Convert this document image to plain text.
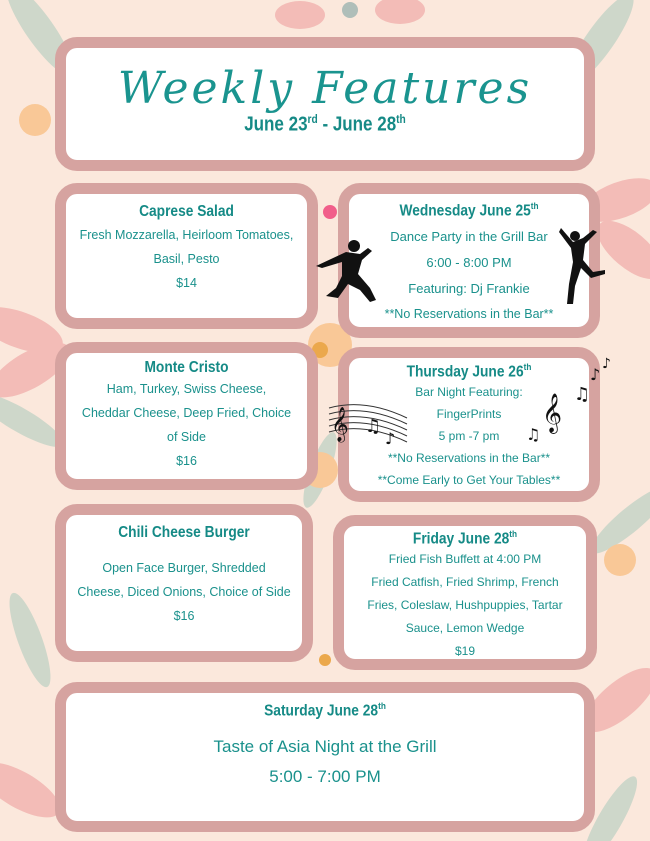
Weekly Features
June 23rd - June 28th
Caprese Salad
Fresh Mozzarella, Heirloom Tomatoes,
Basil, Pesto
$14
Wednesday June 25th
Dance Party in the Grill Bar
6:00 - 8:00 PM
Featuring: Dj Frankie
**No Reservations in the Bar**
Monte Cristo
Ham, Turkey, Swiss Cheese,
Cheddar Cheese, Deep Fried, Choice
of Side
$16
Thursday June 26th
Bar Night Featuring:
FingerPrints
5 pm -7 pm
**No Reservations in the Bar**
**Come Early to Get Your Tables**
Chili Cheese Burger
Open Face Burger, Shredded
Cheese, Diced Onions, Choice of Side
$16
Friday June 28th
Fried Fish Buffett at 4:00 PM
Fried Catfish, Fried Shrimp, French
Fries, Coleslaw, Hushpuppies, Tartar
Sauce, Lemon Wedge
$19
Saturday June 28th
Taste of Asia Night at the Grill
5:00 - 7:00 PM
𝄞 ♫
♪
𝄞 ♫
♪
♫
♪
